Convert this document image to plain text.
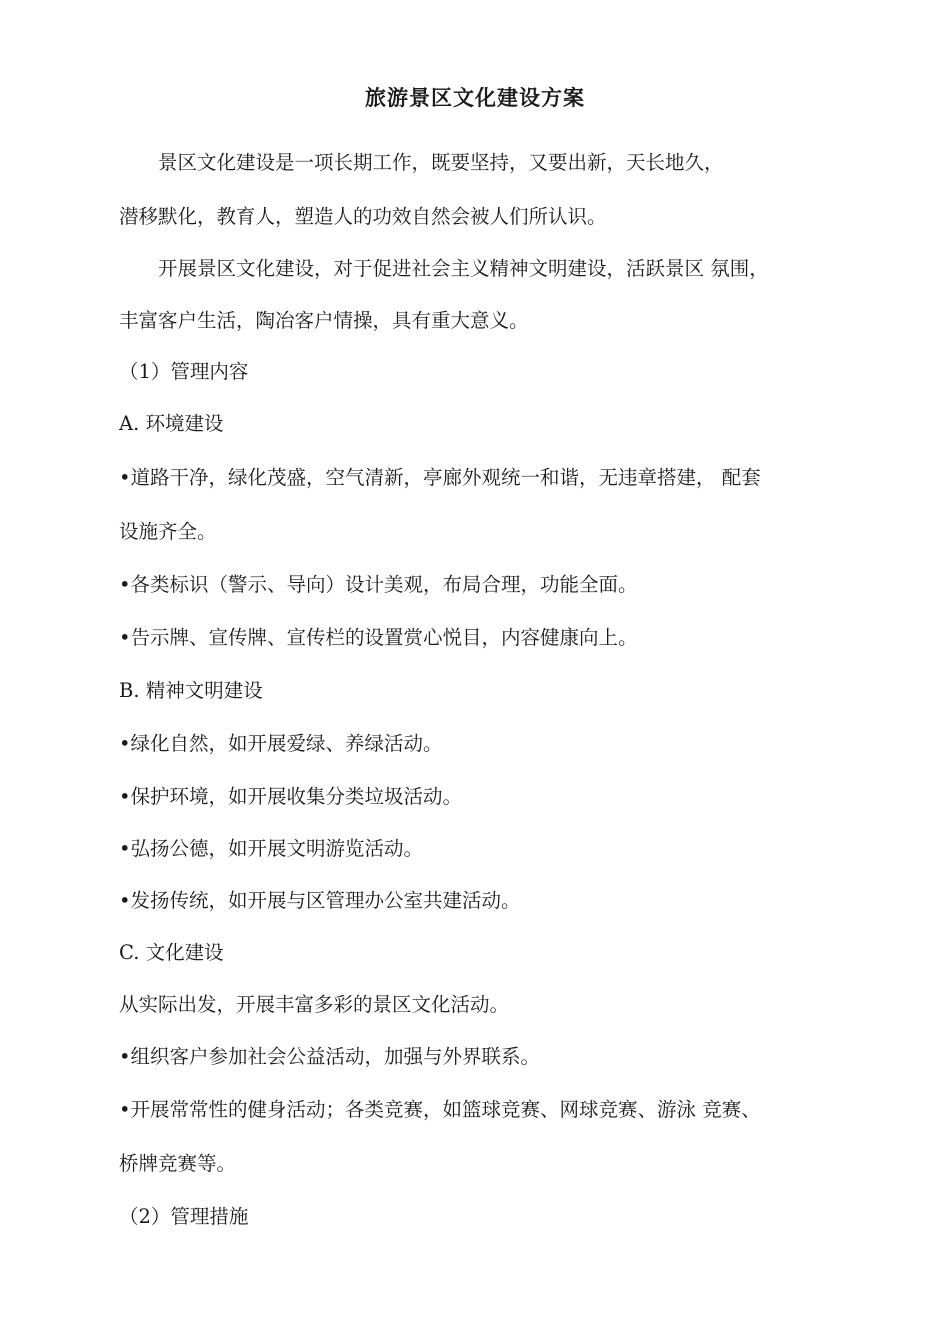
旅游景区文化建设方案
景区文化建设是一项长期工作，既要坚持，又要出新，天长地久，
潜移默化，教育人，塑造人的功效自然会被人们所认识。
开展景区文化建设，对于促进社会主义精神文明建设，活跃景区 氛围，
丰富客户生活，陶冶客户情操，具有重大意义。
（1）管理内容
A. 环境建设
•道路干净，绿化茂盛，空气清新，亭廊外观统一和谐，无违章搭建， 配套
设施齐全。
•各类标识（警示、导向）设计美观，布局合理，功能全面。
•告示牌、宣传牌、宣传栏的设置赏心悦目，内容健康向上。
B. 精神文明建设
•绿化自然，如开展爱绿、养绿活动。
•保护环境，如开展收集分类垃圾活动。
•弘扬公德，如开展文明游览活动。
•发扬传统，如开展与区管理办公室共建活动。
C. 文化建设
从实际出发，开展丰富多彩的景区文化活动。
•组织客户参加社会公益活动，加强与外界联系。
•开展常常性的健身活动；各类竞赛，如篮球竞赛、网球竞赛、游泳 竞赛、
桥牌竞赛等。
（2）管理措施
